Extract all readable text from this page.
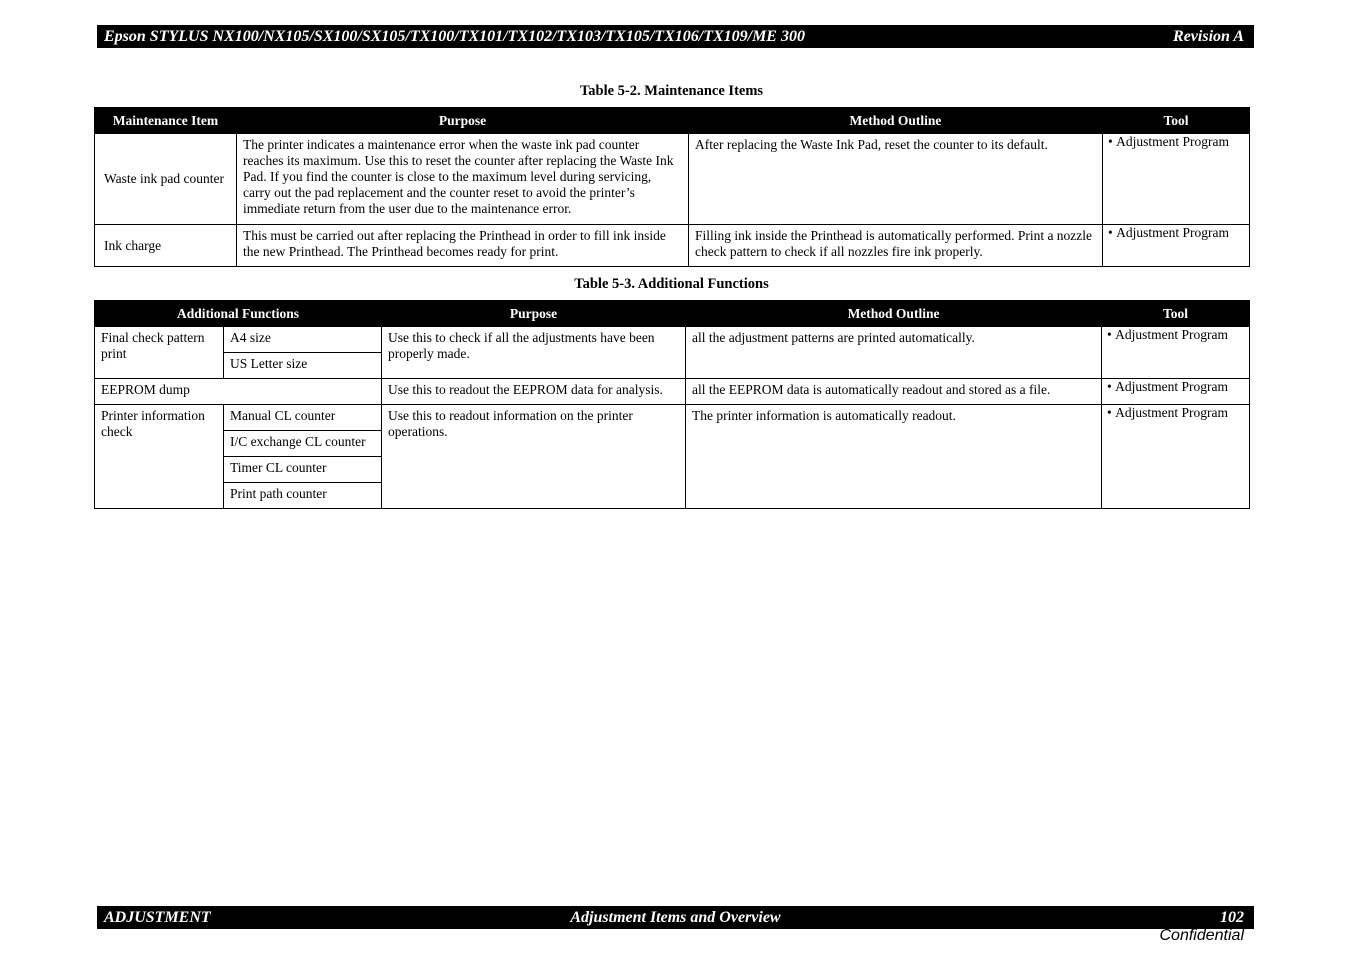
Epson STYLUS NX100/NX105/SX100/SX105/TX100/TX101/TX102/TX103/TX105/TX106/TX109/ME 300	Revision A
Table 5-2. Maintenance Items
Maintenance Item	Purpose	Method Outline	Tool
Waste ink pad counter	The printer indicates a maintenance error when the waste ink pad counter reaches its maximum. Use this to reset the counter after replacing the Waste Ink Pad. If you find the counter is close to the maximum level during servicing, carry out the pad replacement and the counter reset to avoid the printer’s immediate return from the user due to the maintenance error.	After replacing the Waste Ink Pad, reset the counter to its default.	• Adjustment Program
Ink charge	This must be carried out after replacing the Printhead in order to fill ink inside the new Printhead. The Printhead becomes ready for print.	Filling ink inside the Printhead is automatically performed. Print a nozzle check pattern to check if all nozzles fire ink properly.	• Adjustment Program
Table 5-3. Additional Functions
Additional Functions		Purpose	Method Outline	Tool
Final check pattern print	A4 size	Use this to check if all the adjustments have been properly made.	all the adjustment patterns are printed automatically.	• Adjustment Program
	US Letter size			
EEPROM dump		Use this to readout the EEPROM data for analysis.	all the EEPROM data is automatically readout and stored as a file.	• Adjustment Program
Printer information check	Manual CL counter	Use this to readout information on the printer operations.	The printer information is automatically readout.	• Adjustment Program
	I/C exchange CL counter			
	Timer CL counter			
	Print path counter			
ADJUSTMENT	Adjustment Items and Overview	102
Confidential
